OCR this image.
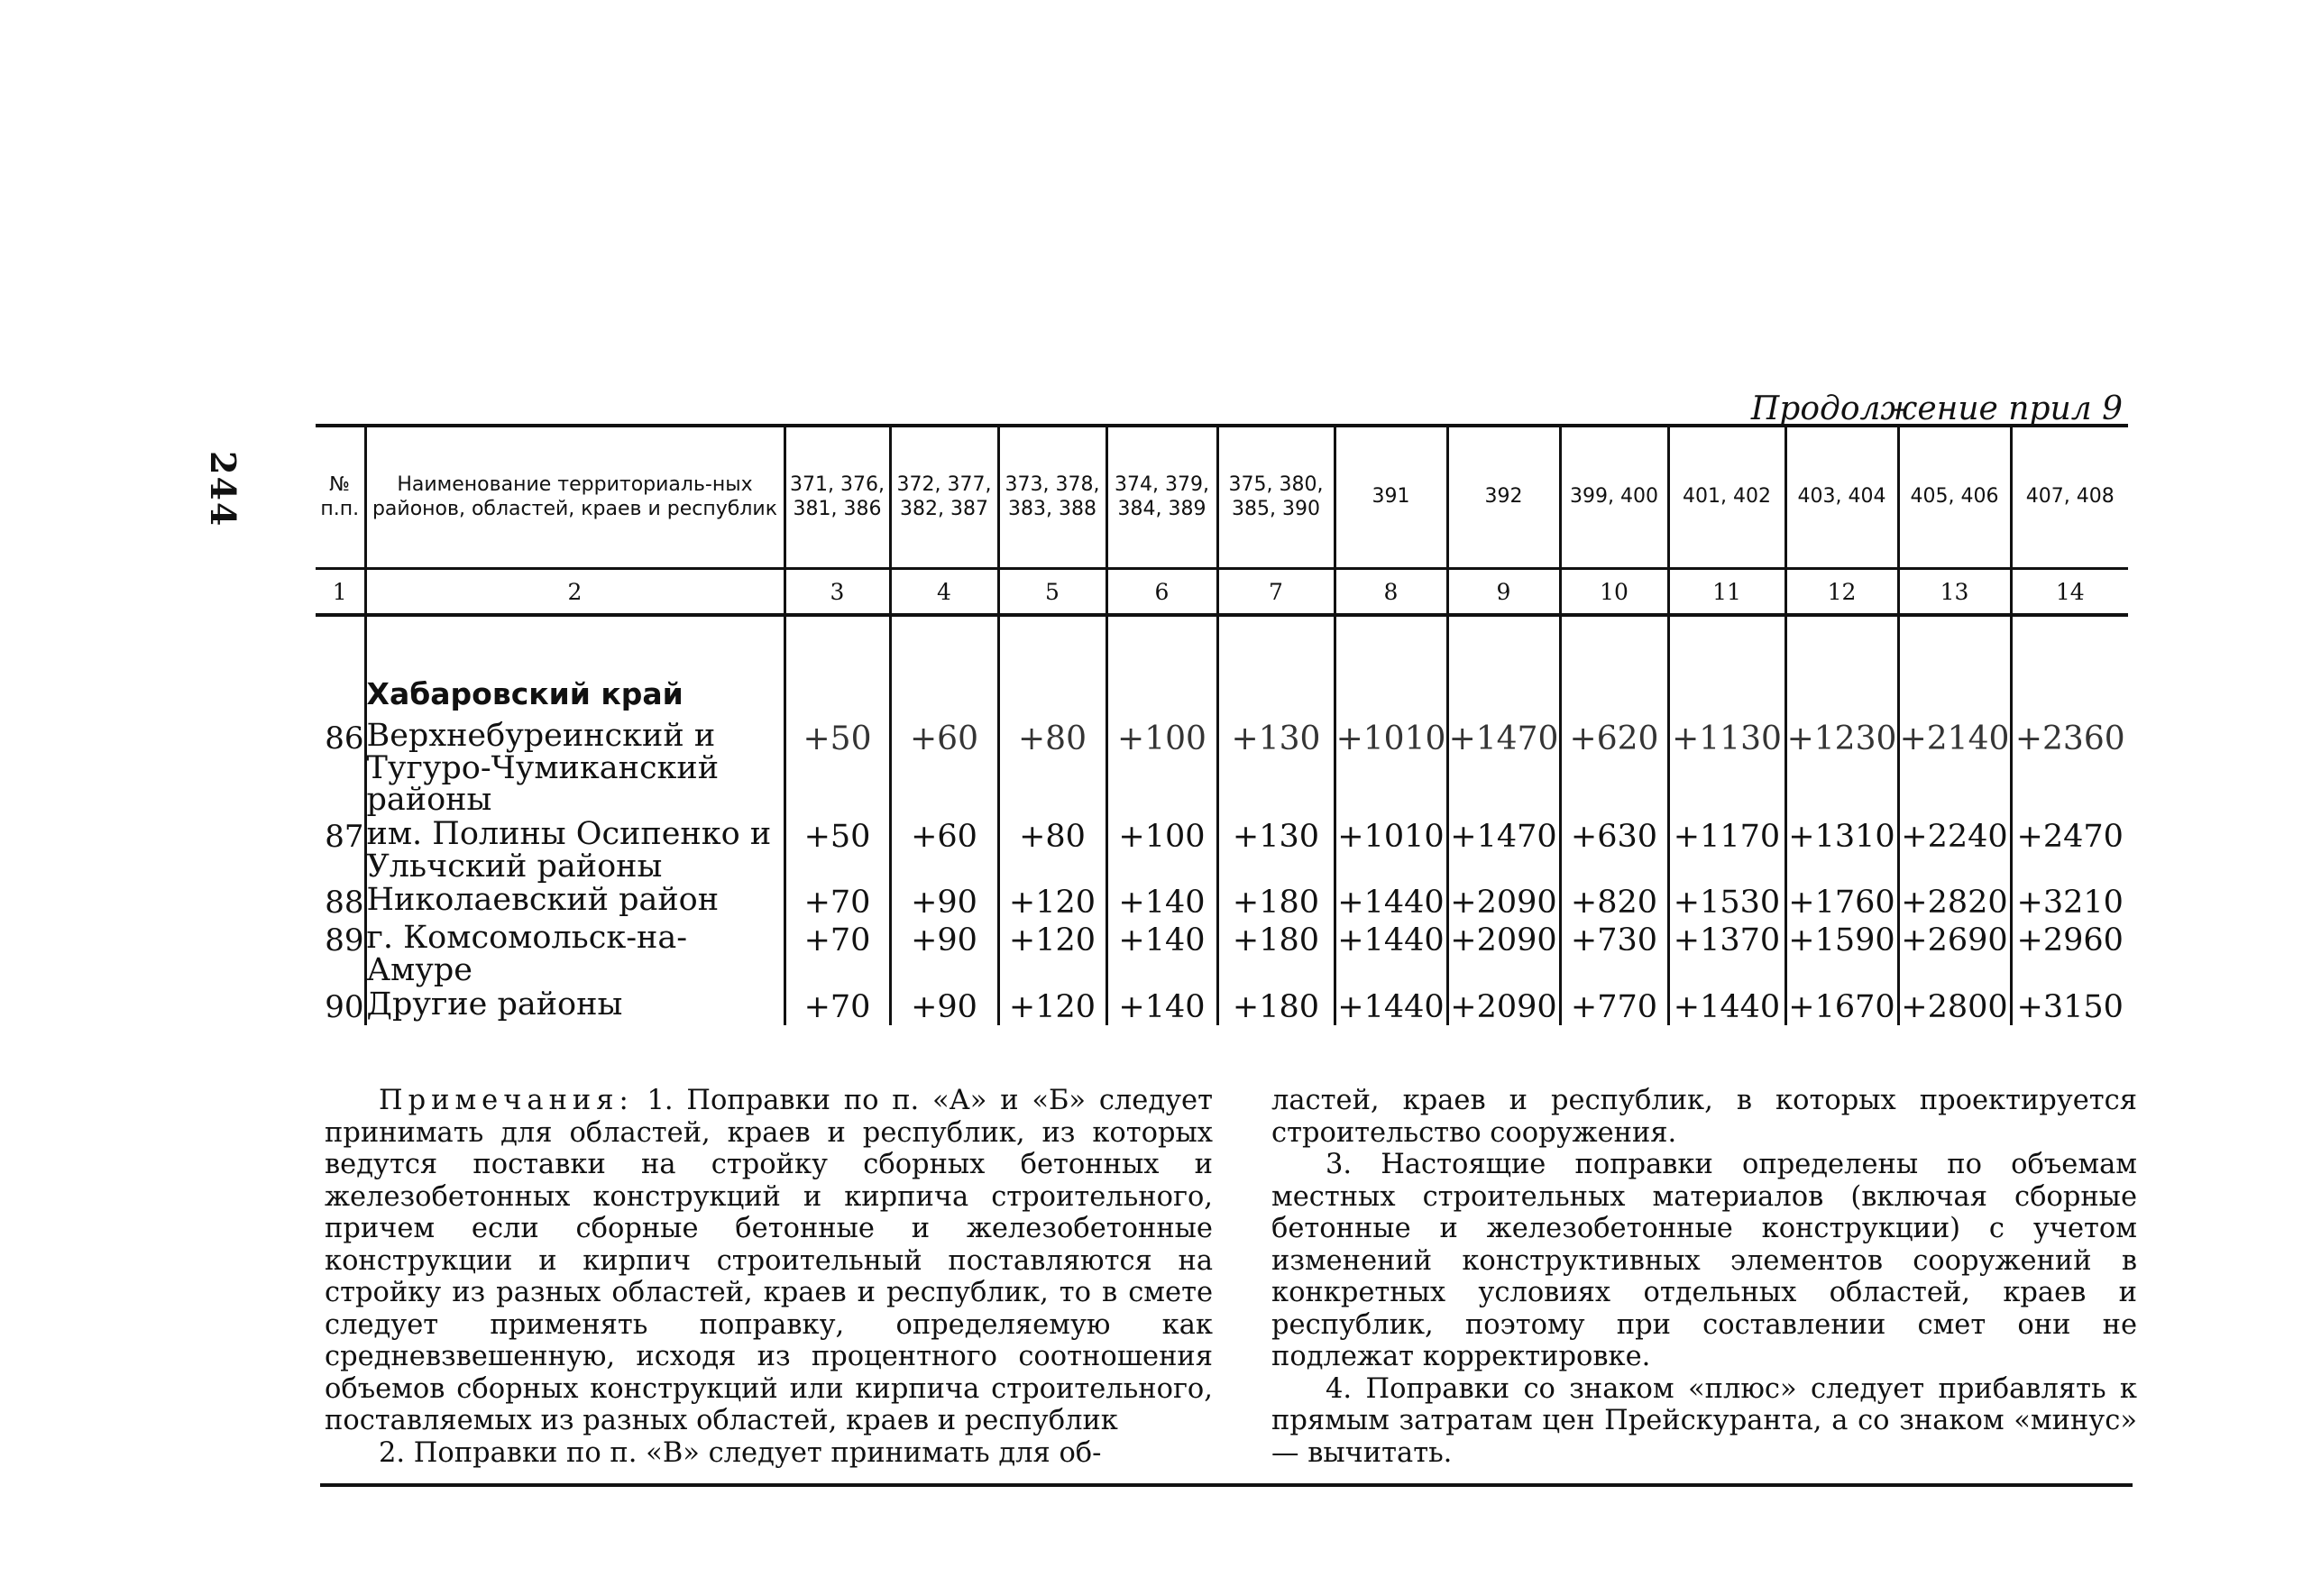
244
Продолжение прил 9
№ п.п.	Наименование территориаль-ных районов, областей, краев и республик	371, 376, 381, 386	372, 377, 382, 387	373, 378, 383, 388	374, 379, 384, 389	375, 380, 385, 390	391	392	399, 400	401, 402	403, 404	405, 406	407, 408
1	2	3	4	5	6	7	8	9	10	11	12	13	14
	Хабаровский край												
86	Верхнебуреинский и Тугуро-Чумиканский районы	+50	+60	+80	+100	+130	+1010	+1470	+620	+1130	+1230	+2140	+2360
87	им. Полины Осипенко и Ульчский районы	+50	+60	+80	+100	+130	+1010	+1470	+630	+1170	+1310	+2240	+2470
88	Николаевский район	+70	+90	+120	+140	+180	+1440	+2090	+820	+1530	+1760	+2820	+3210
89	г. Комсомольск-на-Амуре	+70	+90	+120	+140	+180	+1440	+2090	+730	+1370	+1590	+2690	+2960
90	Другие районы	+70	+90	+120	+140	+180	+1440	+2090	+770	+1440	+1670	+2800	+3150

Примечания: 1. Поправки по п. «А» и «Б» следует принимать для областей, краев и республик, из которых ведутся поставки на стройку сборных бетонных и железобетонных конструкций и кирпича строительного, причем если сборные бетонные и железобетонные конструкции и кирпич строительный поставляются на стройку из разных областей, краев и республик, то в смете следует применять поправку, определяемую как средневзвешенную, исходя из процентного соотношения объемов сборных конструкций или кирпича строительного, поставляемых из разных областей, краев и республик

2. Поправки по п. «В» следует принимать для об-

ластей, краев и республик, в которых проектируется строительство сооружения.

3. Настоящие поправки определены по объемам местных строительных материалов (включая сборные бетонные и железобетонные конструкции) с учетом изменений конструктивных элементов сооружений в конкретных условиях отдельных областей, краев и республик, поэтому при составлении смет они не подлежат корректировке.

4. Поправки со знаком «плюс» следует прибавлять к прямым затратам цен Прейскуранта, а со знаком «минус» — вычитать.
